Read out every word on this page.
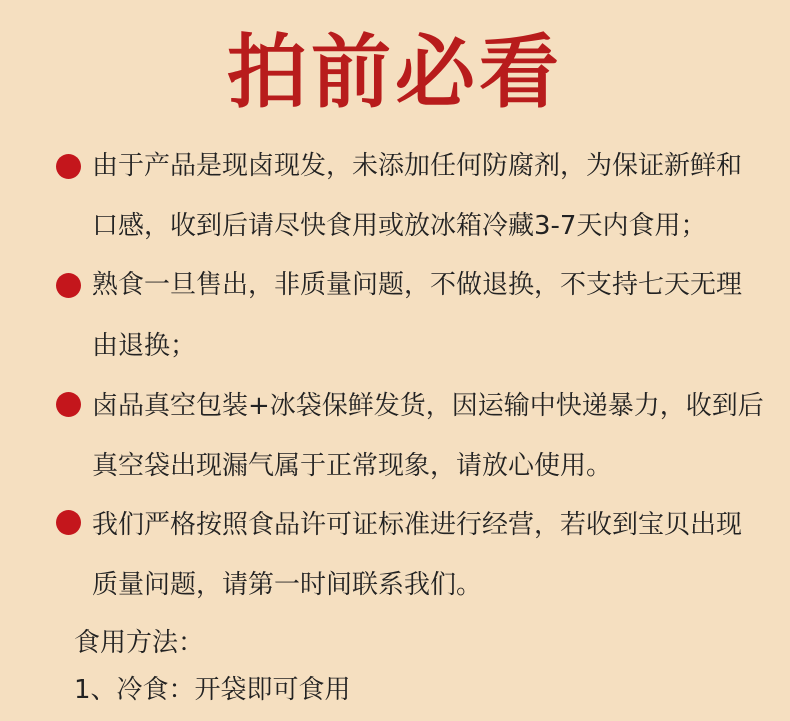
拍前必看
由于产品是现卤现发，未添加任何防腐剂，为保证新鲜和
口感，收到后请尽快食用或放冰箱冷藏3-7天内食用；
熟食一旦售出，非质量问题，不做退换，不支持七天无理
由退换；
卤品真空包装+冰袋保鲜发货，因运输中快递暴力，收到后
真空袋出现漏气属于正常现象，请放心使用。
我们严格按照食品许可证标准进行经营，若收到宝贝出现
质量问题，请第一时间联系我们。
食用方法：
1、冷食：开袋即可食用
